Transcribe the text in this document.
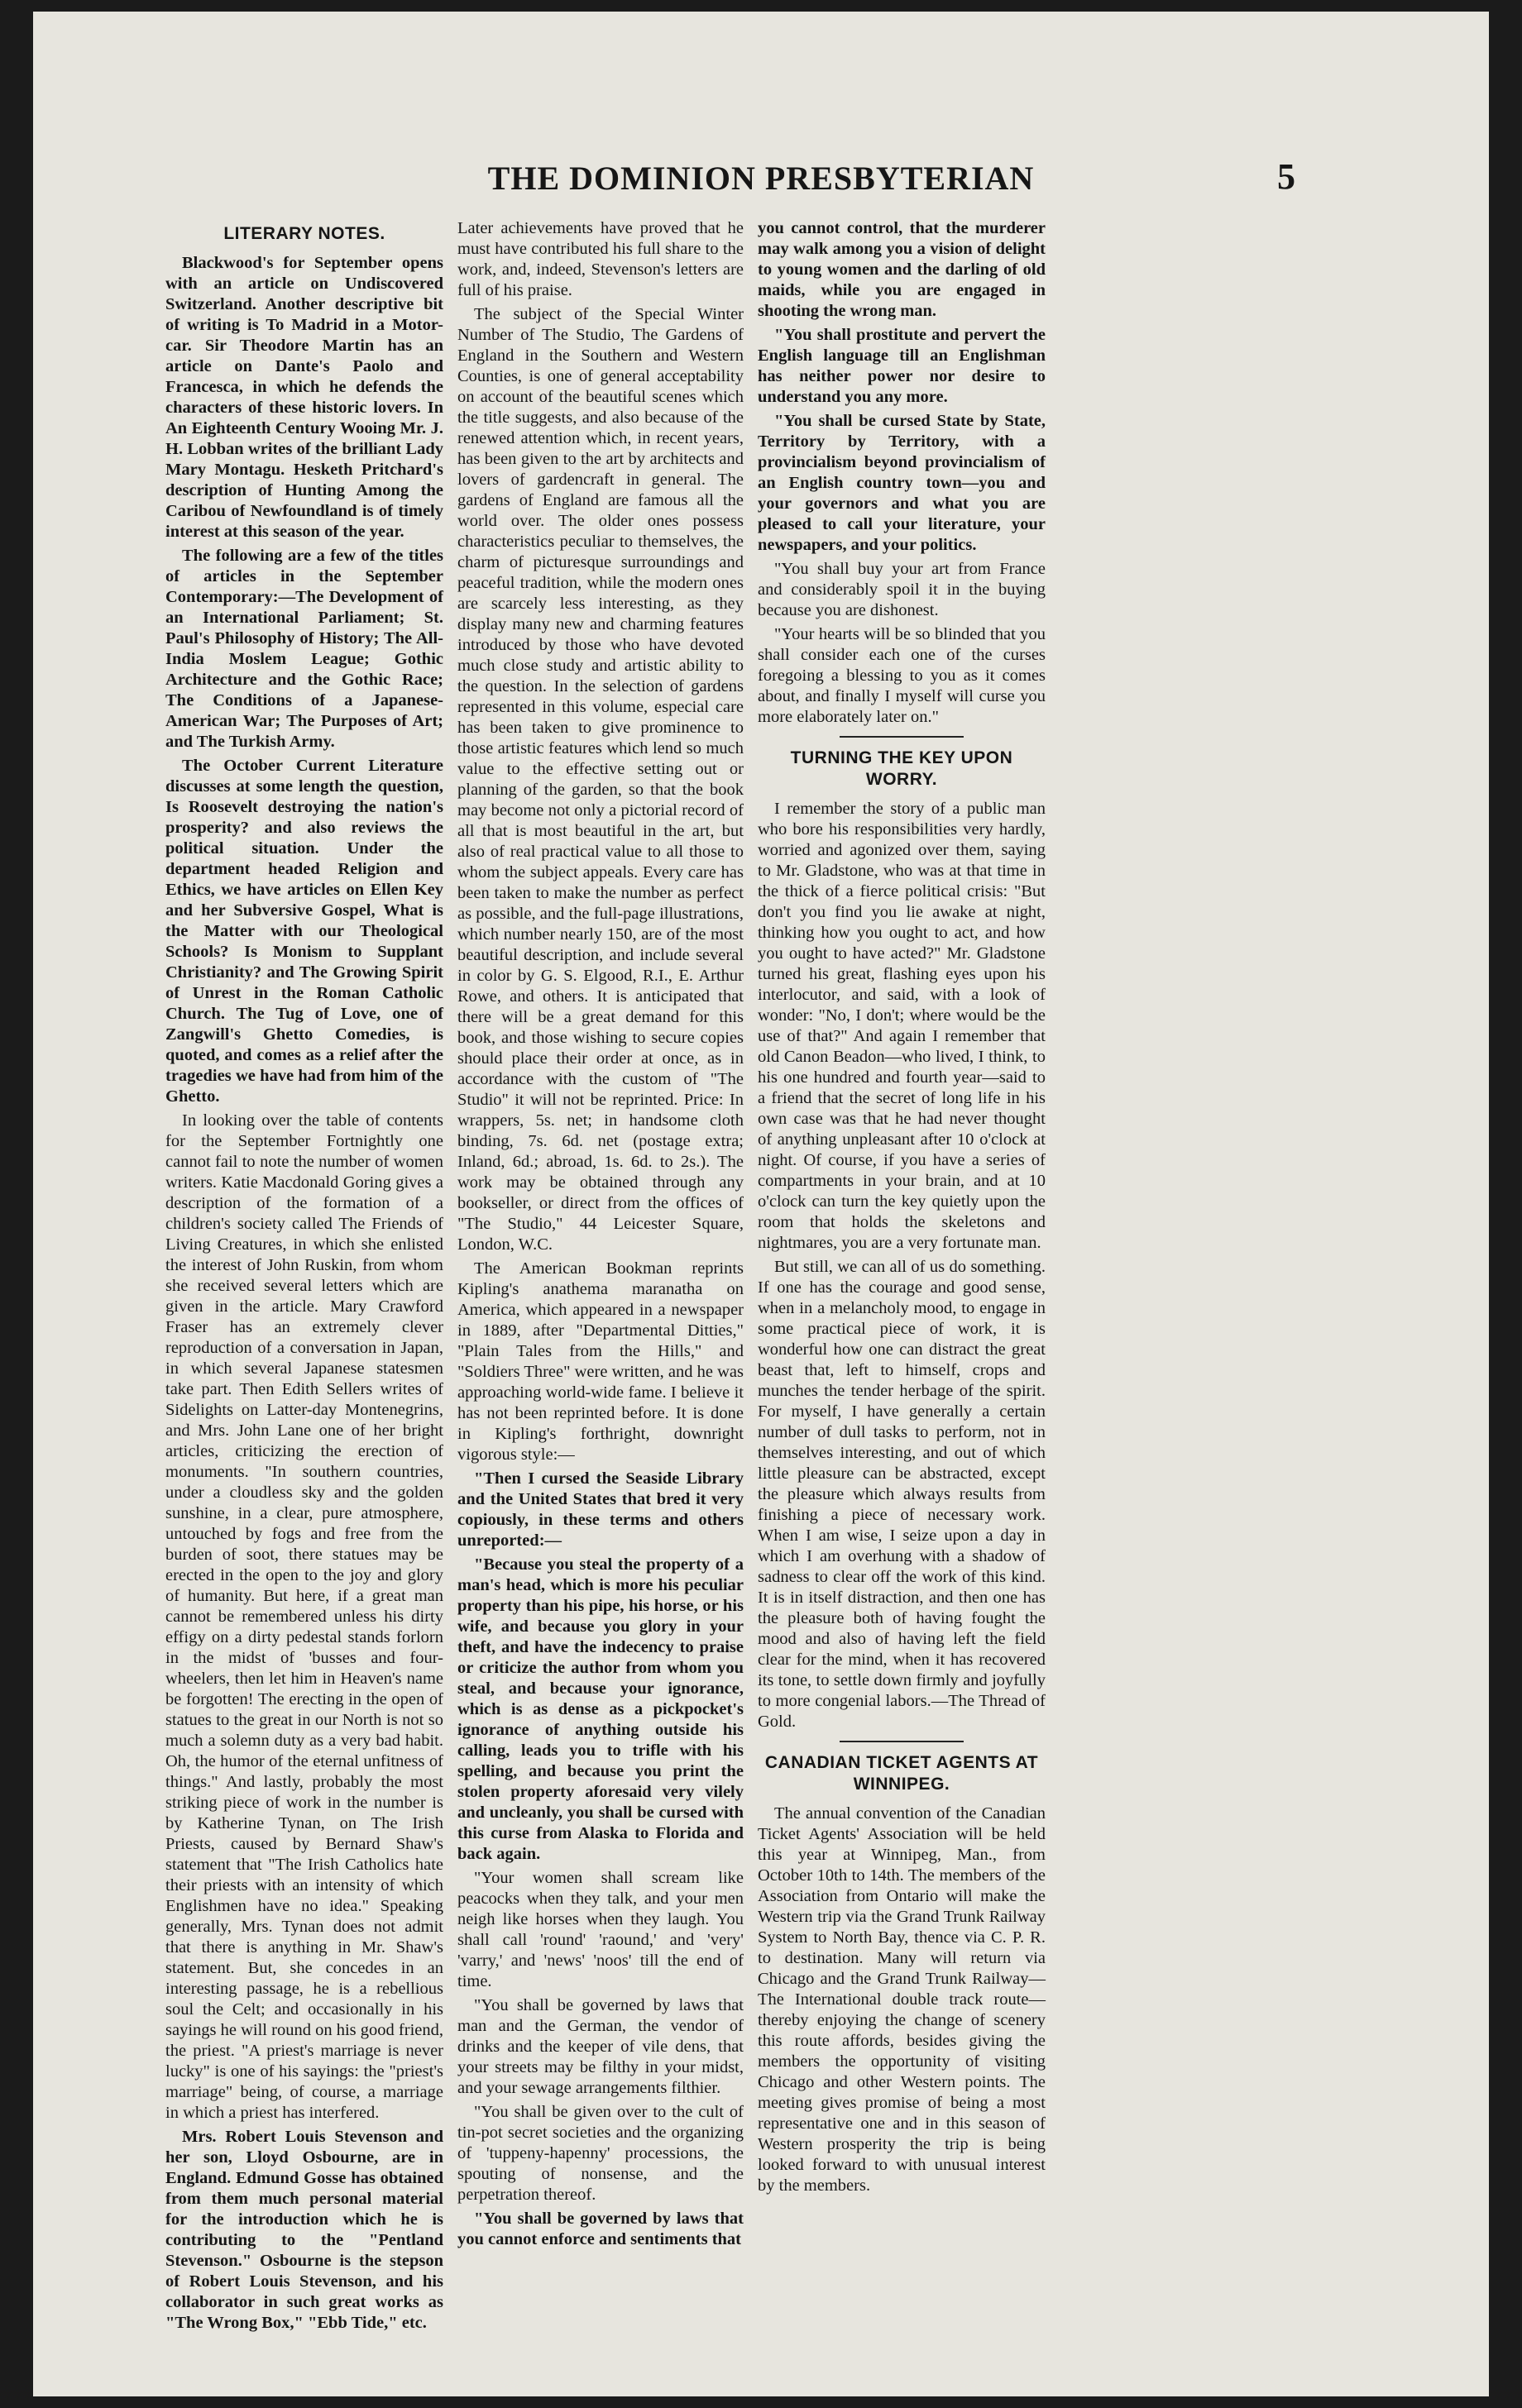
THE DOMINION PRESBYTERIAN	5
LITERARY NOTES.

Blackwood's for September opens with an article on Undiscovered Switzerland. Another descriptive bit of writing is To Madrid in a Motor-car. Sir Theodore Martin has an article on Dante's Paolo and Francesca, in which he defends the characters of these historic lovers. In An Eighteenth Century Wooing Mr. J. H. Lobban writes of the brilliant Lady Mary Montagu. Hesketh Pritchard's description of Hunting Among the Caribou of Newfoundland is of timely interest at this season of the year.

The following are a few of the titles of articles in the September Contemporary:—The Development of an International Parliament; St. Paul's Philosophy of History; The All-India Moslem League; Gothic Architecture and the Gothic Race; The Conditions of a Japanese-American War; The Purposes of Art; and The Turkish Army.

The October Current Literature discusses at some length the question, Is Roosevelt destroying the nation's prosperity? and also reviews the political situation. Under the department headed Religion and Ethics, we have articles on Ellen Key and her Subversive Gospel, What is the Matter with our Theological Schools? Is Monism to Supplant Christianity? and The Growing Spirit of Unrest in the Roman Catholic Church. The Tug of Love, one of Zangwill's Ghetto Comedies, is quoted, and comes as a relief after the tragedies we have had from him of the Ghetto.

In looking over the table of contents for the September Fortnightly one cannot fail to note the number of women writers. Katie Macdonald Goring gives a description of the formation of a children's society called The Friends of Living Creatures, in which she enlisted the interest of John Ruskin, from whom she received several letters which are given in the article. Mary Crawford Fraser has an extremely clever reproduction of a conversation in Japan, in which several Japanese statesmen take part. Then Edith Sellers writes of Sidelights on Latter-day Montenegrins, and Mrs. John Lane one of her bright articles, criticizing the erection of monuments. "In southern countries, under a cloudless sky and the golden sunshine, in a clear, pure atmosphere, untouched by fogs and free from the burden of soot, there statues may be erected in the open to the joy and glory of humanity. But here, if a great man cannot be remembered unless his dirty effigy on a dirty pedestal stands forlorn in the midst of 'busses and four-wheelers, then let him in Heaven's name be forgotten! The erecting in the open of statues to the great in our North is not so much a solemn duty as a very bad habit. Oh, the humor of the eternal unfitness of things." And lastly, probably the most striking piece of work in the number is by Katherine Tynan, on The Irish Priests, caused by Bernard Shaw's statement that "The Irish Catholics hate their priests with an intensity of which Englishmen have no idea." Speaking generally, Mrs. Tynan does not admit that there is anything in Mr. Shaw's statement. But, she concedes in an interesting passage, he is a rebellious soul the Celt; and occasionally in his sayings he will round on his good friend, the priest. "A priest's marriage is never lucky" is one of his sayings: the "priest's marriage" being, of course, a marriage in which a priest has interfered.

Mrs. Robert Louis Stevenson and her son, Lloyd Osbourne, are in England. Edmund Gosse has obtained from them much personal material for the introduction which he is contributing to the "Pentland Stevenson." Osbourne is the stepson of Robert Louis Stevenson, and his collaborator in such great works as "The Wrong Box," "Ebb Tide," etc.

Later achievements have proved that he must have contributed his full share to the work, and, indeed, Stevenson's letters are full of his praise.

The subject of the Special Winter Number of The Studio, The Gardens of England in the Southern and Western Counties, is one of general acceptability on account of the beautiful scenes which the title suggests, and also because of the renewed attention which, in recent years, has been given to the art by architects and lovers of gardencraft in general. The gardens of England are famous all the world over. The older ones possess characteristics peculiar to themselves, the charm of picturesque surroundings and peaceful tradition, while the modern ones are scarcely less interesting, as they display many new and charming features introduced by those who have devoted much close study and artistic ability to the question. In the selection of gardens represented in this volume, especial care has been taken to give prominence to those artistic features which lend so much value to the effective setting out or planning of the garden, so that the book may become not only a pictorial record of all that is most beautiful in the art, but also of real practical value to all those to whom the subject appeals. Every care has been taken to make the number as perfect as possible, and the full-page illustrations, which number nearly 150, are of the most beautiful description, and include several in color by G. S. Elgood, R.I., E. Arthur Rowe, and others. It is anticipated that there will be a great demand for this book, and those wishing to secure copies should place their order at once, as in accordance with the custom of "The Studio" it will not be reprinted. Price: In wrappers, 5s. net; in handsome cloth binding, 7s. 6d. net (postage extra; Inland, 6d.; abroad, 1s. 6d. to 2s.). The work may be obtained through any bookseller, or direct from the offices of "The Studio," 44 Leicester Square, London, W.C.

The American Bookman reprints Kipling's anathema maranatha on America, which appeared in a newspaper in 1889, after "Departmental Ditties," "Plain Tales from the Hills," and "Soldiers Three" were written, and he was approaching world-wide fame. I believe it has not been reprinted before. It is done in Kipling's forthright, downright vigorous style:—

"Then I cursed the Seaside Library and the United States that bred it very copiously, in these terms and others unreported:—

"Because you steal the property of a man's head, which is more his peculiar property than his pipe, his horse, or his wife, and because you glory in your theft, and have the indecency to praise or criticize the author from whom you steal, and because your ignorance, which is as dense as a pickpocket's ignorance of anything outside his calling, leads you to trifle with his spelling, and because you print the stolen property aforesaid very vilely and uncleanly, you shall be cursed with this curse from Alaska to Florida and back again.

"Your women shall scream like peacocks when they talk, and your men neigh like horses when they laugh. You shall call 'round' 'raound,' and 'very' 'varry,' and 'news' 'noos' till the end of time.

"You shall be governed by laws that man and the German, the vendor of drinks and the keeper of vile dens, that your streets may be filthy in your midst, and your sewage arrangements filthier.

"You shall be given over to the cult of tin-pot secret societies and the organizing of 'tuppeny-hapenny' processions, the spouting of nonsense, and the perpetration thereof.

"You shall be governed by laws that you cannot enforce and sentiments that

you cannot control, that the murderer may walk among you a vision of delight to young women and the darling of old maids, while you are engaged in shooting the wrong man.

"You shall prostitute and pervert the English language till an Englishman has neither power nor desire to understand you any more.

"You shall be cursed State by State, Territory by Territory, with a provincialism beyond provincialism of an English country town—you and your governors and what you are pleased to call your literature, your newspapers, and your politics.

"You shall buy your art from France and considerably spoil it in the buying because you are dishonest.

"Your hearts will be so blinded that you shall consider each one of the curses foregoing a blessing to you as it comes about, and finally I myself will curse you more elaborately later on."

TURNING THE KEY UPON WORRY.

I remember the story of a public man who bore his responsibilities very hardly, worried and agonized over them, saying to Mr. Gladstone, who was at that time in the thick of a fierce political crisis: "But don't you find you lie awake at night, thinking how you ought to act, and how you ought to have acted?" Mr. Gladstone turned his great, flashing eyes upon his interlocutor, and said, with a look of wonder: "No, I don't; where would be the use of that?" And again I remember that old Canon Beadon—who lived, I think, to his one hundred and fourth year—said to a friend that the secret of long life in his own case was that he had never thought of anything unpleasant after 10 o'clock at night. Of course, if you have a series of compartments in your brain, and at 10 o'clock can turn the key quietly upon the room that holds the skeletons and nightmares, you are a very fortunate man.

But still, we can all of us do something. If one has the courage and good sense, when in a melancholy mood, to engage in some practical piece of work, it is wonderful how one can distract the great beast that, left to himself, crops and munches the tender herbage of the spirit. For myself, I have generally a certain number of dull tasks to perform, not in themselves interesting, and out of which little pleasure can be abstracted, except the pleasure which always results from finishing a piece of necessary work. When I am wise, I seize upon a day in which I am overhung with a shadow of sadness to clear off the work of this kind. It is in itself distraction, and then one has the pleasure both of having fought the mood and also of having left the field clear for the mind, when it has recovered its tone, to settle down firmly and joyfully to more congenial labors.—The Thread of Gold.

CANADIAN TICKET AGENTS AT WINNIPEG.

The annual convention of the Canadian Ticket Agents' Association will be held this year at Winnipeg, Man., from October 10th to 14th. The members of the Association from Ontario will make the Western trip via the Grand Trunk Railway System to North Bay, thence via C. P. R. to destination. Many will return via Chicago and the Grand Trunk Railway—The International double track route—thereby enjoying the change of scenery this route affords, besides giving the members the opportunity of visiting Chicago and other Western points. The meeting gives promise of being a most representative one and in this season of Western prosperity the trip is being looked forward to with unusual interest by the members.
